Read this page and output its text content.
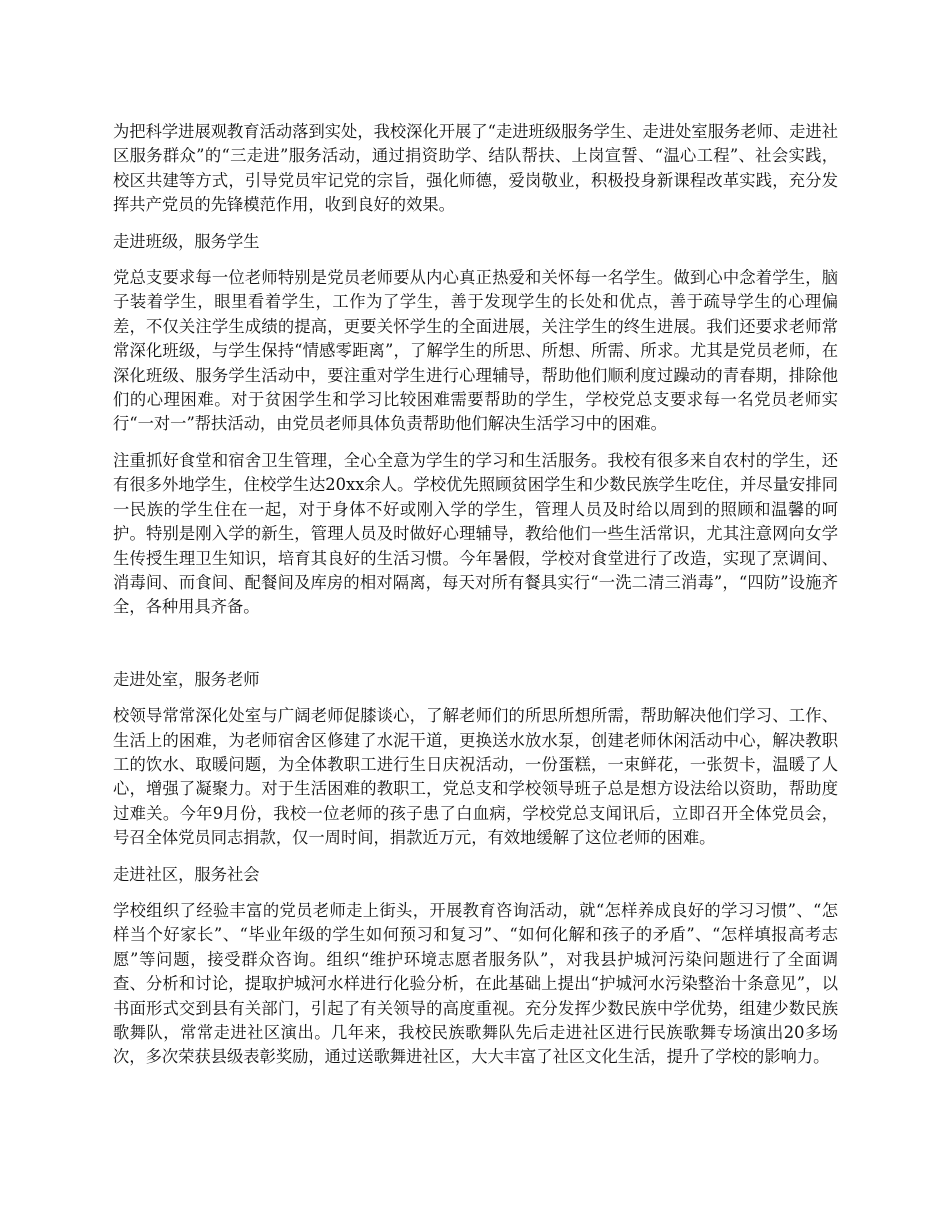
为把科学进展观教育活动落到实处，我校深化开展了“走进班级服务学生、走进处室服务老师、走进社区服务群众”的“三走进”服务活动，通过捐资助学、结队帮扶、上岗宣誓、“温心工程”、社会实践，校区共建等方式，引导党员牢记党的宗旨，强化师德，爱岗敬业，积极投身新课程改革实践，充分发挥共产党员的先锋模范作用，收到良好的效果。

走进班级，服务学生

党总支要求每一位老师特别是党员老师要从内心真正热爱和关怀每一名学生。做到心中念着学生，脑子装着学生，眼里看着学生，工作为了学生，善于发现学生的长处和优点，善于疏导学生的心理偏差，不仅关注学生成绩的提高，更要关怀学生的全面进展，关注学生的终生进展。我们还要求老师常常深化班级，与学生保持“情感零距离”，了解学生的所思、所想、所需、所求。尤其是党员老师，在深化班级、服务学生活动中，要注重对学生进行心理辅导，帮助他们顺利度过躁动的青春期，排除他们的心理困难。对于贫困学生和学习比较困难需要帮助的学生，学校党总支要求每一名党员老师实行“一对一”帮扶活动，由党员老师具体负责帮助他们解决生活学习中的困难。

注重抓好食堂和宿舍卫生管理，全心全意为学生的学习和生活服务。我校有很多来自农村的学生，还有很多外地学生，住校学生达20xx余人。学校优先照顾贫困学生和少数民族学生吃住，并尽量安排同一民族的学生住在一起，对于身体不好或刚入学的学生，管理人员及时给以周到的照顾和温馨的呵护。特别是刚入学的新生，管理人员及时做好心理辅导，教给他们一些生活常识，尤其注意网向女学生传授生理卫生知识，培育其良好的生活习惯。今年暑假，学校对食堂进行了改造，实现了烹调间、消毒间、而食间、配餐间及库房的相对隔离，每天对所有餐具实行“一洗二清三消毒”，“四防”设施齐全，各种用具齐备。

走进处室，服务老师

校领导常常深化处室与广阔老师促膝谈心，了解老师们的所思所想所需，帮助解决他们学习、工作、生活上的困难，为老师宿舍区修建了水泥干道，更换送水放水泵，创建老师休闲活动中心，解决教职工的饮水、取暖问题，为全体教职工进行生日庆祝活动，一份蛋糕，一束鲜花，一张贺卡，温暖了人心，增强了凝聚力。对于生活困难的教职工，党总支和学校领导班子总是想方设法给以资助，帮助度过难关。今年9月份，我校一位老师的孩子患了白血病，学校党总支闻讯后，立即召开全体党员会，号召全体党员同志捐款，仅一周时间，捐款近万元，有效地缓解了这位老师的困难。

走进社区，服务社会

学校组织了经验丰富的党员老师走上街头，开展教育咨询活动，就“怎样养成良好的学习习惯”、“怎样当个好家长”、“毕业年级的学生如何预习和复习”、“如何化解和孩子的矛盾”、“怎样填报高考志愿”等问题，接受群众咨询。组织“维护环境志愿者服务队”，对我县护城河污染问题进行了全面调查、分析和讨论，提取护城河水样进行化验分析，在此基础上提出“护城河水污染整治十条意见”，以书面形式交到县有关部门，引起了有关领导的高度重视。充分发挥少数民族中学优势，组建少数民族歌舞队，常常走进社区演出。几年来，我校民族歌舞队先后走进社区进行民族歌舞专场演出20多场次，多次荣获县级表彰奖励，通过送歌舞进社区，大大丰富了社区文化生活，提升了学校的影响力。
